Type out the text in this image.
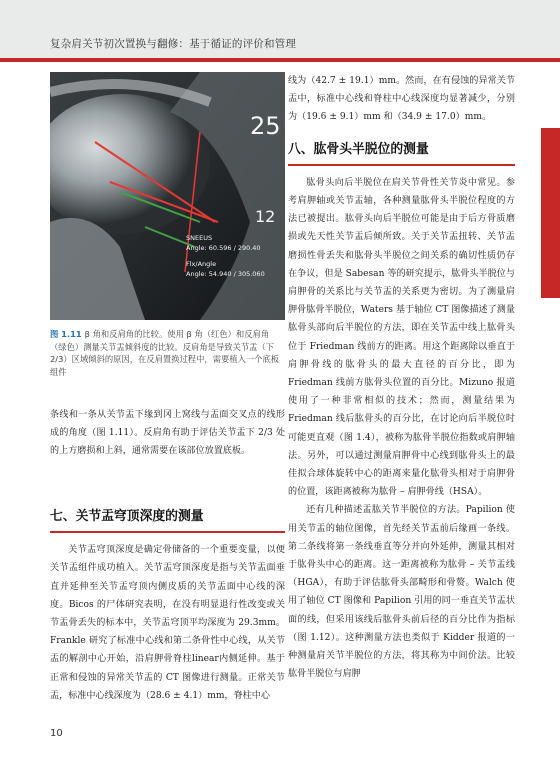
复杂肩关节初次置换与翻修：基于循证的评价和管理
25
12
SNEEUS
Angle: 60.596 / 290.40
Flx/Angle
Angle: 54.940 / 305.060
图 1.11 β 角和反肩角的比较。使用 β 角（红色）和反肩角（绿色）测量关节盂倾斜度的比较。反肩角是导致关节盂（下 2/3）区域倾斜的原因，在反肩置换过程中，需要植入一个底板组件

条线和一条从关节盂下缘到冈上窝线与盂面交叉点的线形成的角度（图 1.11）。反肩角有助于评估关节盂下 2/3 处的上方磨损和上斜，通常需要在该部位放置底板。

七、关节盂穹顶深度的测量

关节盂穹顶深度是确定骨储备的一个重要变量，以便关节盂组件成功植入。关节盂穹顶深度是指与关节盂面垂直并延伸至关节盂穹顶内侧皮质的关节盂面中心线的深度。Bicos 的尸体研究表明，在没有明显退行性改变或关节盂骨丢失的标本中，关节盂穹顶平均深度为 29.3mm。Frankle 研究了标准中心线和第二条骨性中心线，从关节盂的解剖中心开始，沿肩胛骨脊柱linear内侧延伸。基于正常和侵蚀的异常关节盂的 CT 图像进行测量。正常关节盂，标准中心线深度为（28.6 ± 4.1）mm，脊柱中心

线为（42.7 ± 19.1）mm。然而，在有侵蚀的异常关节盂中，标准中心线和脊柱中心线深度均显著减少，分别为（19.6 ± 9.1）mm 和（34.9 ± 17.0）mm。

八、肱骨头半脱位的测量

肱骨头向后半脱位在肩关节骨性关节炎中常见。参考肩胛轴或关节盂轴，各种测量肱骨头半脱位程度的方法已被提出。肱骨头向后半脱位可能是由于后方骨质磨损或先天性关节盂后倾所致。关于关节盂扭转、关节盂磨损性骨丢失和肱骨头半脱位之间关系的确切性质仍存在争议，但是 Sabesan 等的研究提示，肱骨头半脱位与肩胛骨的关系比与关节盂的关系更为密切。为了测量肩胛骨肱骨半脱位，Waters 基于轴位 CT 图像描述了测量肱骨头部向后半脱位的方法，即在关节盂中线上肱骨头位于 Friedman 线前方的距离。用这个距离除以垂直于肩胛骨线的肱骨头的最大直径的百分比，即为 Friedman 线前方肱骨头位置的百分比。Mizuno 报道使用了一种非常相似的技术；然而，测量结果为 Friedman 线后肱骨头的百分比，在讨论向后半脱位时可能更直观（图 1.4），被称为肱骨半脱位指数或肩胛轴法。另外，可以通过测量肩胛骨中心线到肱骨头上的最佳拟合球体旋转中心的距离来量化肱骨头相对于肩胛骨的位置，该距离被称为肱骨 – 肩胛骨线（HSA）。

还有几种描述盂肱关节半脱位的方法。Papilion 使用关节盂的轴位图像，首先经关节盂前后缘画一条线。第二条线将第一条线垂直等分并向外延伸，测量其相对于肱骨头中心的距离。这一距离被称为肱骨 – 关节盂线（HGA），有助于评估肱骨头部畸形和骨赘。Walch 使用了轴位 CT 图像和 Papilion 引用的同一垂直关节盂状面的线，但采用该线后肱骨头前后径的百分比作为指标（图 1.12）。这种测量方法也类似于 Kidder 报道的一种测量肩关节半脱位的方法，将其称为中间价法。比较肱骨半脱位与肩胛

10
